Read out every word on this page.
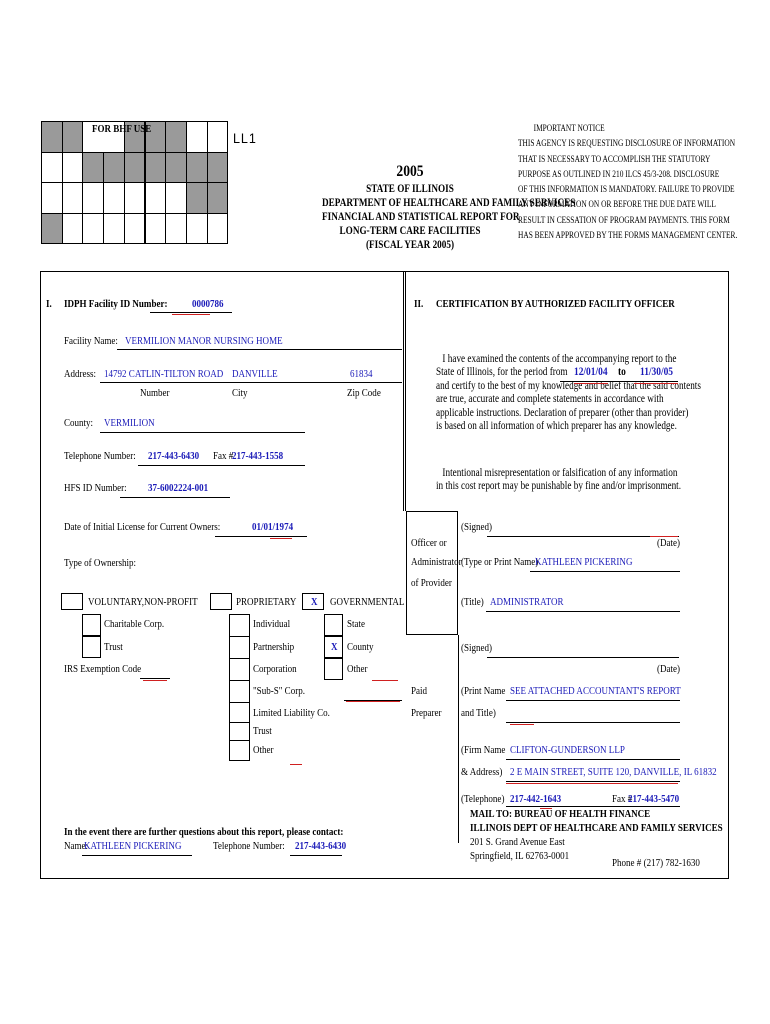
FOR BHF USE
LL1
2005
STATE OF ILLINOIS
DEPARTMENT OF HEALTHCARE AND FAMILY SERVICES
FINANCIAL AND STATISTICAL REPORT FOR
LONG-TERM CARE FACILITIES
(FISCAL YEAR 2005)
IMPORTANT NOTICE
THIS AGENCY IS REQUESTING DISCLOSURE OF INFORMATION
THAT IS NECESSARY TO ACCOMPLISH THE STATUTORY
PURPOSE AS OUTLINED IN 210 ILCS 45/3-208. DISCLOSURE
OF THIS INFORMATION IS MANDATORY. FAILURE TO PROVIDE
ANY INFORMATION ON OR BEFORE THE DUE DATE WILL
RESULT IN CESSATION OF PROGRAM PAYMENTS. THIS FORM
HAS BEEN APPROVED BY THE FORMS MANAGEMENT CENTER.
I. IDPH Facility ID Number: 0000786
Facility Name: VERMILION MANOR NURSING HOME
Address: 14792 CATLIN-TILTON ROAD DANVILLE	61834
Number	City	Zip Code
County: VERMILION
Telephone Number: 217-443-6430 Fax #
217-443-1558
HFS ID Number: 37-6002224-001
Date of Initial License for Current Owners:	01/01/1974
Type of Ownership:
VOLUNTARY,NON-PROFIT
Charitable Corp.
Trust
IRS Exemption Code
PROPRIETARY
Individual
Partnership
Corporation
"Sub-S" Corp.
Limited Liability Co.
Trust
Other
X GOVERNMENTAL
X
State
County
Other
In the event there are further questions about this report, please contact:
Name:
KATHLEEN PICKERING	Telephone Number: 217-443-6430
II. CERTIFICATION BY AUTHORIZED FACILITY OFFICER
I have examined the contents of the accompanying report to the
State of Illinois, for the period from
and certify to the best of my knowledge and belief that the said contents
are true, accurate and complete statements in accordance with
applicable instructions. Declaration of preparer (other than provider)
is based on all information of which preparer has any knowledge.
12/01/04 to 11/30/05
Intentional misrepresentation or falsification of any information
in this cost report may be punishable by fine and/or imprisonment.
Officer or
Administrator
of Provider
(Signed)
(Date)
(Type or Print Name)
KATHLEEN PICKERING
(Title) ADMINISTRATOR
(Signed)
(Date)
Paid
Preparer
(Print Name SEE ATTACHED ACCOUNTANT'S REPORT
and Title)
(Firm Name CLIFTON-GUNDERSON LLP
& Address) 2 E MAIN STREET, SUITE 120, DANVILLE, IL 61832
(Telephone) 217-442-1643	Fax #
217-443-5470
MAIL TO: BUREAU OF HEALTH FINANCE
ILLINOIS DEPT OF HEALTHCARE AND FAMILY SERVICES
201 S. Grand Avenue East
Springfield, IL 62763-0001
Phone # (217) 782-1630
